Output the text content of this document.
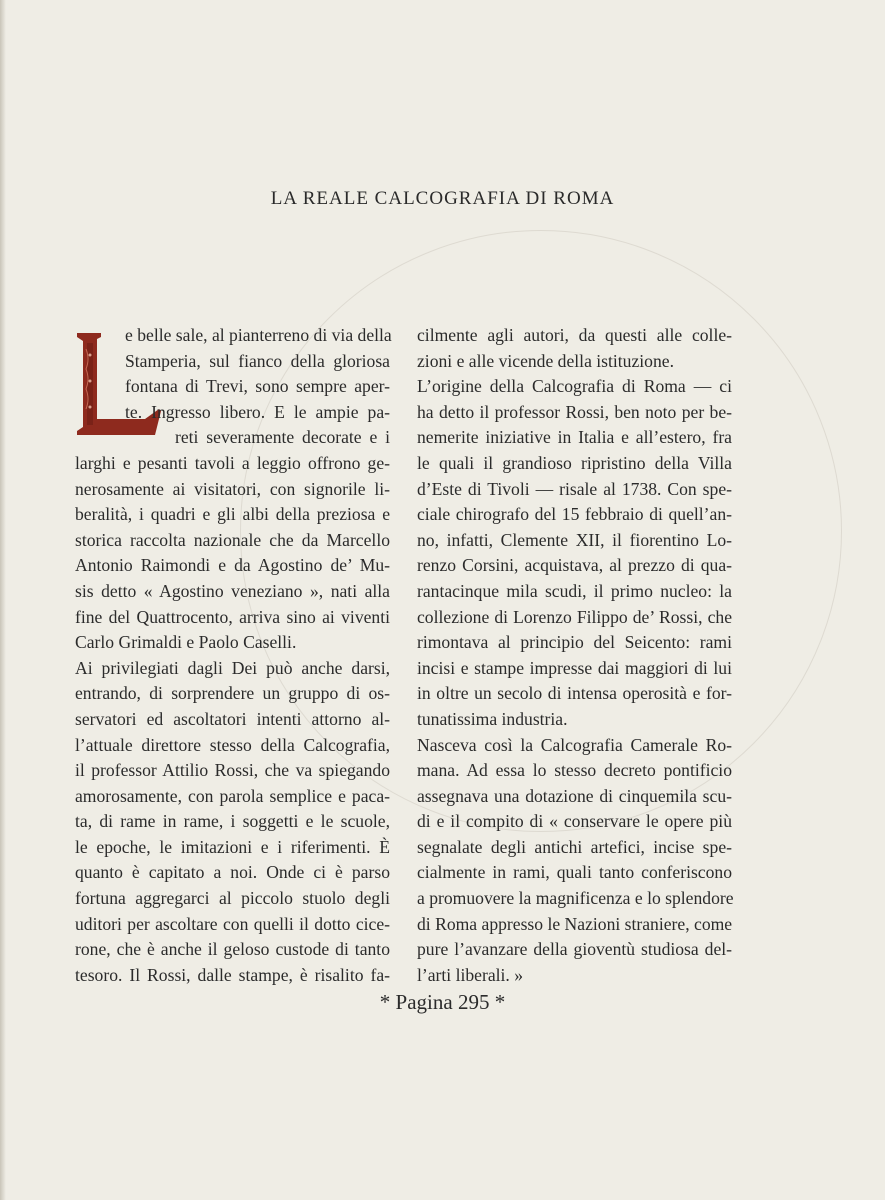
LA REALE CALCOGRAFIA DI ROMA
e belle sale, al pianterreno di via della
Stamperia, sul fianco della gloriosa
fontana di Trevi, sono sempre aper-
te. Ingresso libero. E le ampie pa-
reti severamente decorate e i
larghi e pesanti tavoli a leggio offrono ge-
nerosamente ai visitatori, con signorile li-
beralità, i quadri e gli albi della preziosa e
storica raccolta nazionale che da Marcello
Antonio Raimondi e da Agostino de’ Mu-
sis detto « Agostino veneziano », nati alla
fine del Quattrocento, arriva sino ai viventi
Carlo Grimaldi e Paolo Caselli.
Ai privilegiati dagli Dei può anche darsi,
entrando, di sorprendere un gruppo di os-
servatori ed ascoltatori intenti attorno al-
l’attuale direttore stesso della Calcografia,
il professor Attilio Rossi, che va spiegando
amorosamente, con parola semplice e paca-
ta, di rame in rame, i soggetti e le scuole,
le epoche, le imitazioni e i riferimenti. È
quanto è capitato a noi. Onde ci è parso
fortuna aggregarci al piccolo stuolo degli
uditori per ascoltare con quelli il dotto cice-
rone, che è anche il geloso custode di tanto
tesoro. Il Rossi, dalle stampe, è risalito fa-
cilmente agli autori, da questi alle colle-
zioni e alle vicende della istituzione.
L’origine della Calcografia di Roma — ci
ha detto il professor Rossi, ben noto per be-
nemerite iniziative in Italia e all’estero, fra
le quali il grandioso ripristino della Villa
d’Este di Tivoli — risale al 1738. Con spe-
ciale chirografo del 15 febbraio di quell’an-
no, infatti, Clemente XII, il fiorentino Lo-
renzo Corsini, acquistava, al prezzo di qua-
rantacinque mila scudi, il primo nucleo: la
collezione di Lorenzo Filippo de’ Rossi, che
rimontava al principio del Seicento: rami
incisi e stampe impresse dai maggiori di lui
in oltre un secolo di intensa operosità e for-
tunatissima industria.
Nasceva così la Calcografia Camerale Ro-
mana. Ad essa lo stesso decreto pontificio
assegnava una dotazione di cinquemila scu-
di e il compito di « conservare le opere più
segnalate degli antichi artefici, incise spe-
cialmente in rami, quali tanto conferiscono
a promuovere la magnificenza e lo splendore
di Roma appresso le Nazioni straniere, come
pure l’avanzare della gioventù studiosa del-
l’arti liberali. »
* Pagina 295 *
